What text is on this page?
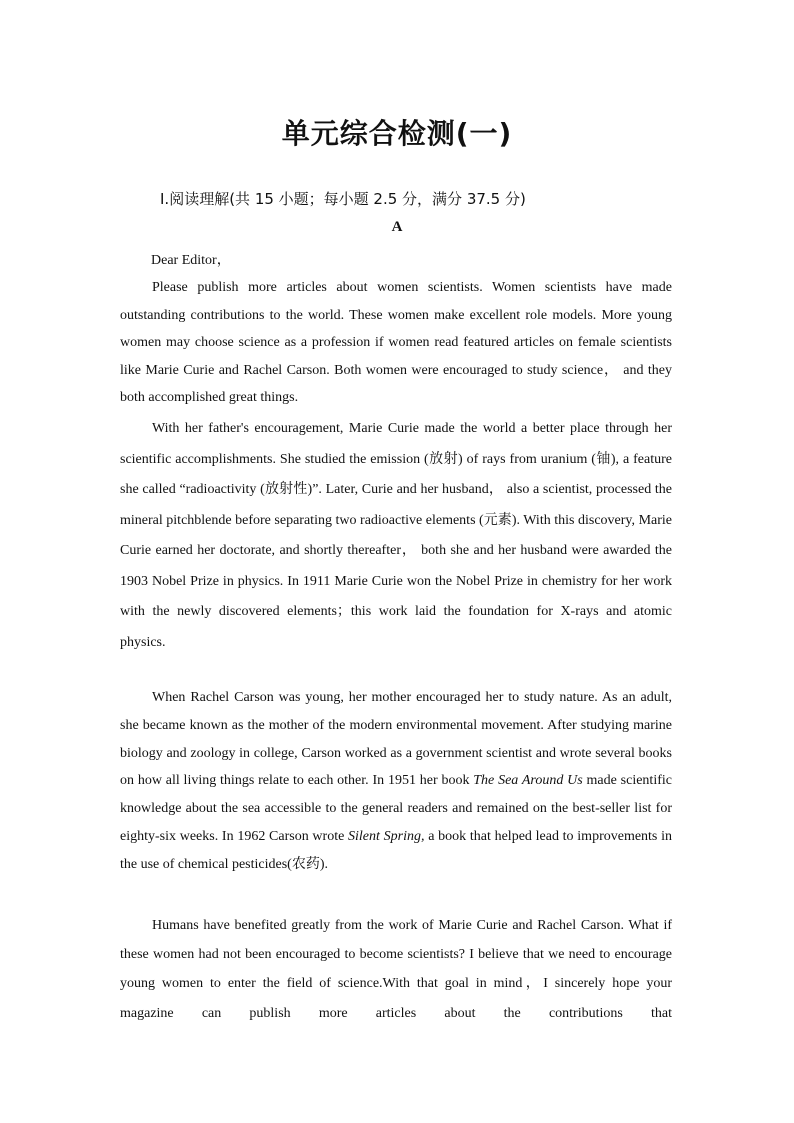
单元综合检测(一)
Ⅰ.阅读理解(共 15 小题；每小题 2.5 分，满分 37.5 分)
A
Dear Editor，

Please publish more articles about women scientists. Women scientists have made outstanding contributions to the world. These women make excellent role models. More young women may choose science as a profession if women read featured articles on female scientists like Marie Curie and Rachel Carson. Both women were encouraged to study science， and they both accomplished great things.

With her father's encouragement, Marie Curie made the world a better place through her scientific accomplishments. She studied the emission (放射) of rays from uranium (铀), a feature she called “radioactivity (放射性)”. Later, Curie and her husband， also a scientist, processed the mineral pitchblende before separating two radioactive elements (元素). With this discovery, Marie Curie earned her doctorate, and shortly thereafter， both she and her husband were awarded the 1903 Nobel Prize in physics. In 1911 Marie Curie won the Nobel Prize in chemistry for her work with the newly discovered elements；this work laid the foundation for X-rays and atomic physics.

When Rachel Carson was young, her mother encouraged her to study nature. As an adult, she became known as the mother of the modern environmental movement. After studying marine biology and zoology in college, Carson worked as a government scientist and wrote several books on how all living things relate to each other. In 1951 her book The Sea Around Us made scientific knowledge about the sea accessible to the general readers and remained on the best-seller list for eighty-six weeks. In 1962 Carson wrote Silent Spring, a book that helped lead to improvements in the use of chemical pesticides(农药).

Humans have benefited greatly from the work of Marie Curie and Rachel Carson. What if these women had not been encouraged to become scientists? I believe that we need to encourage young women to enter the field of science.With that goal in mind，I sincerely hope your magazine can publish more articles about the contributions that
